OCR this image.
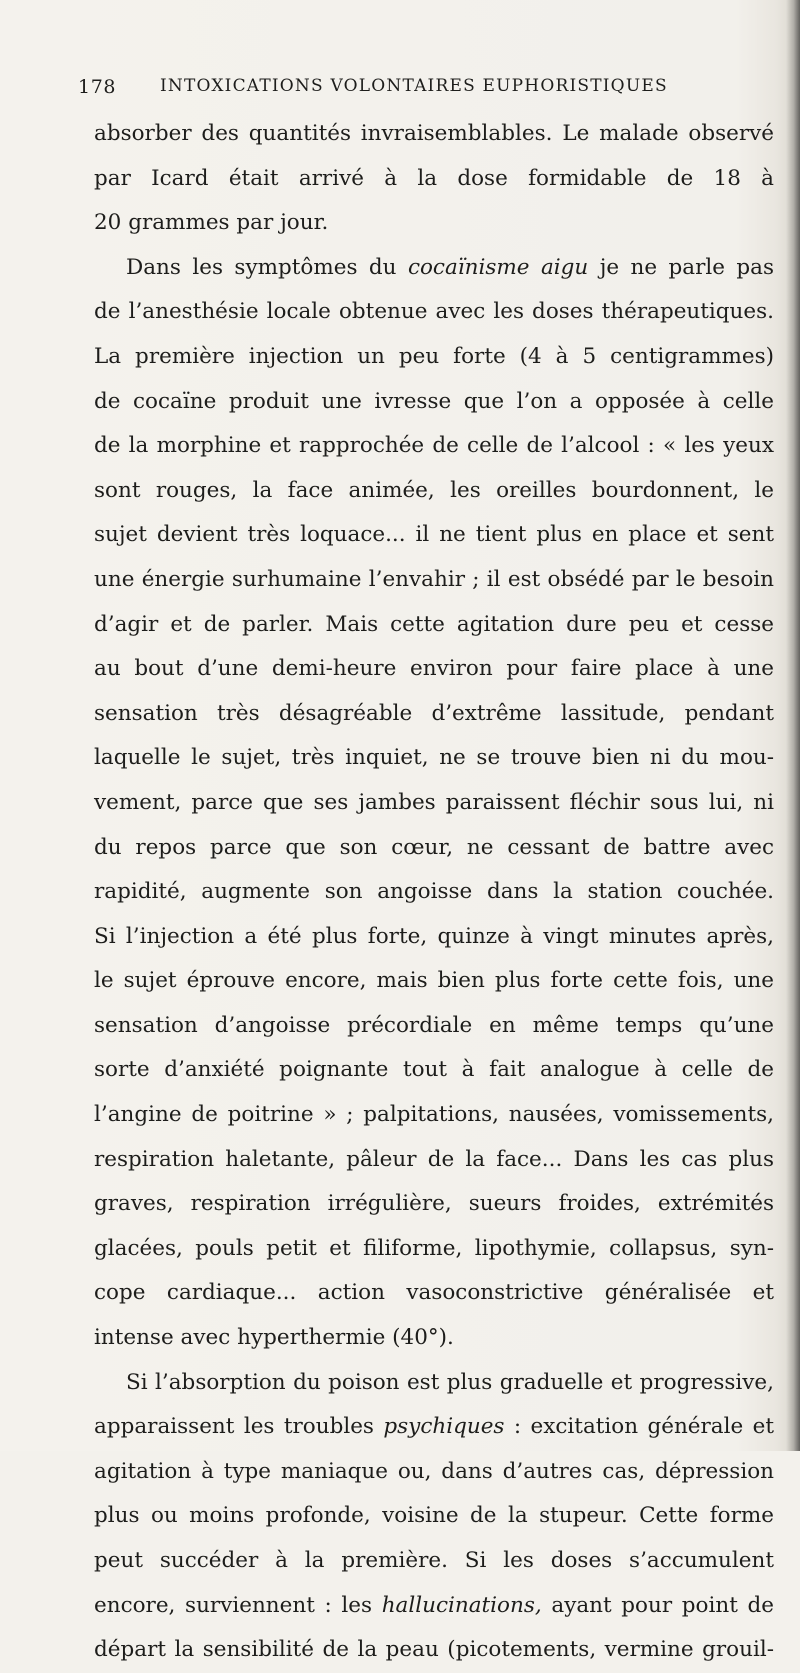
178	INTOXICATIONS VOLONTAIRES EUPHORISTIQUES
absorber des quantités invraisemblables. Le malade observé
par Icard était arrivé à la dose formidable de 18 à
20 grammes par jour.
Dans les symptômes du cocaïnisme aigu je ne parle pas
de l’anesthésie locale obtenue avec les doses thérapeutiques.
La première injection un peu forte (4 à 5 centigrammes)
de cocaïne produit une ivresse que l’on a opposée à celle
de la morphine et rapprochée de celle de l’alcool : « les yeux
sont rouges, la face animée, les oreilles bourdonnent, le
sujet devient très loquace... il ne tient plus en place et sent
une énergie surhumaine l’envahir ; il est obsédé par le besoin
d’agir et de parler. Mais cette agitation dure peu et cesse
au bout d’une demi-heure environ pour faire place à une
sensation très désagréable d’extrême lassitude, pendant
laquelle le sujet, très inquiet, ne se trouve bien ni du mou-
vement, parce que ses jambes paraissent fléchir sous lui, ni
du repos parce que son cœur, ne cessant de battre avec
rapidité, augmente son angoisse dans la station couchée.
Si l’injection a été plus forte, quinze à vingt minutes après,
le sujet éprouve encore, mais bien plus forte cette fois, une
sensation d’angoisse précordiale en même temps qu’une
sorte d’anxiété poignante tout à fait analogue à celle de
l’angine de poitrine » ; palpitations, nausées, vomissements,
respiration haletante, pâleur de la face... Dans les cas plus
graves, respiration irrégulière, sueurs froides, extrémités
glacées, pouls petit et filiforme, lipothymie, collapsus, syn-
cope cardiaque... action vasoconstrictive généralisée et
intense avec hyperthermie (40°).
Si l’absorption du poison est plus graduelle et progressive,
apparaissent les troubles psychiques : excitation générale et
agitation à type maniaque ou, dans d’autres cas, dépression
plus ou moins profonde, voisine de la stupeur. Cette forme
peut succéder à la première. Si les doses s’accumulent
encore, surviennent : les hallucinations, ayant pour point de
départ la sensibilité de la peau (picotements, vermine grouil-
